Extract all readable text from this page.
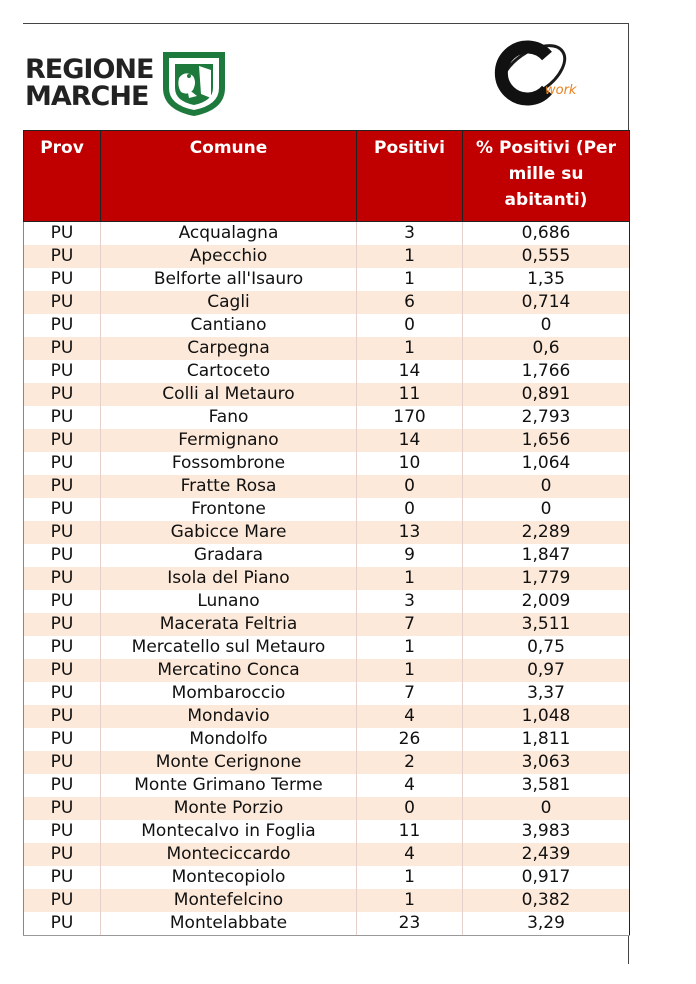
REGIONE
MARCHE	work
Prov	Comune	Positivi	% Positivi (Per mille su abitanti)
PU	Acqualagna	3	0,686
PU	Apecchio	1	0,555
PU	Belforte all'Isauro	1	1,35
PU	Cagli	6	0,714
PU	Cantiano	0	0
PU	Carpegna	1	0,6
PU	Cartoceto	14	1,766
PU	Colli al Metauro	11	0,891
PU	Fano	170	2,793
PU	Fermignano	14	1,656
PU	Fossombrone	10	1,064
PU	Fratte Rosa	0	0
PU	Frontone	0	0
PU	Gabicce Mare	13	2,289
PU	Gradara	9	1,847
PU	Isola del Piano	1	1,779
PU	Lunano	3	2,009
PU	Macerata Feltria	7	3,511
PU	Mercatello sul Metauro	1	0,75
PU	Mercatino Conca	1	0,97
PU	Mombaroccio	7	3,37
PU	Mondavio	4	1,048
PU	Mondolfo	26	1,811
PU	Monte Cerignone	2	3,063
PU	Monte Grimano Terme	4	3,581
PU	Monte Porzio	0	0
PU	Montecalvo in Foglia	11	3,983
PU	Monteciccardo	4	2,439
PU	Montecopiolo	1	0,917
PU	Montefelcino	1	0,382
PU	Montelabbate	23	3,29
